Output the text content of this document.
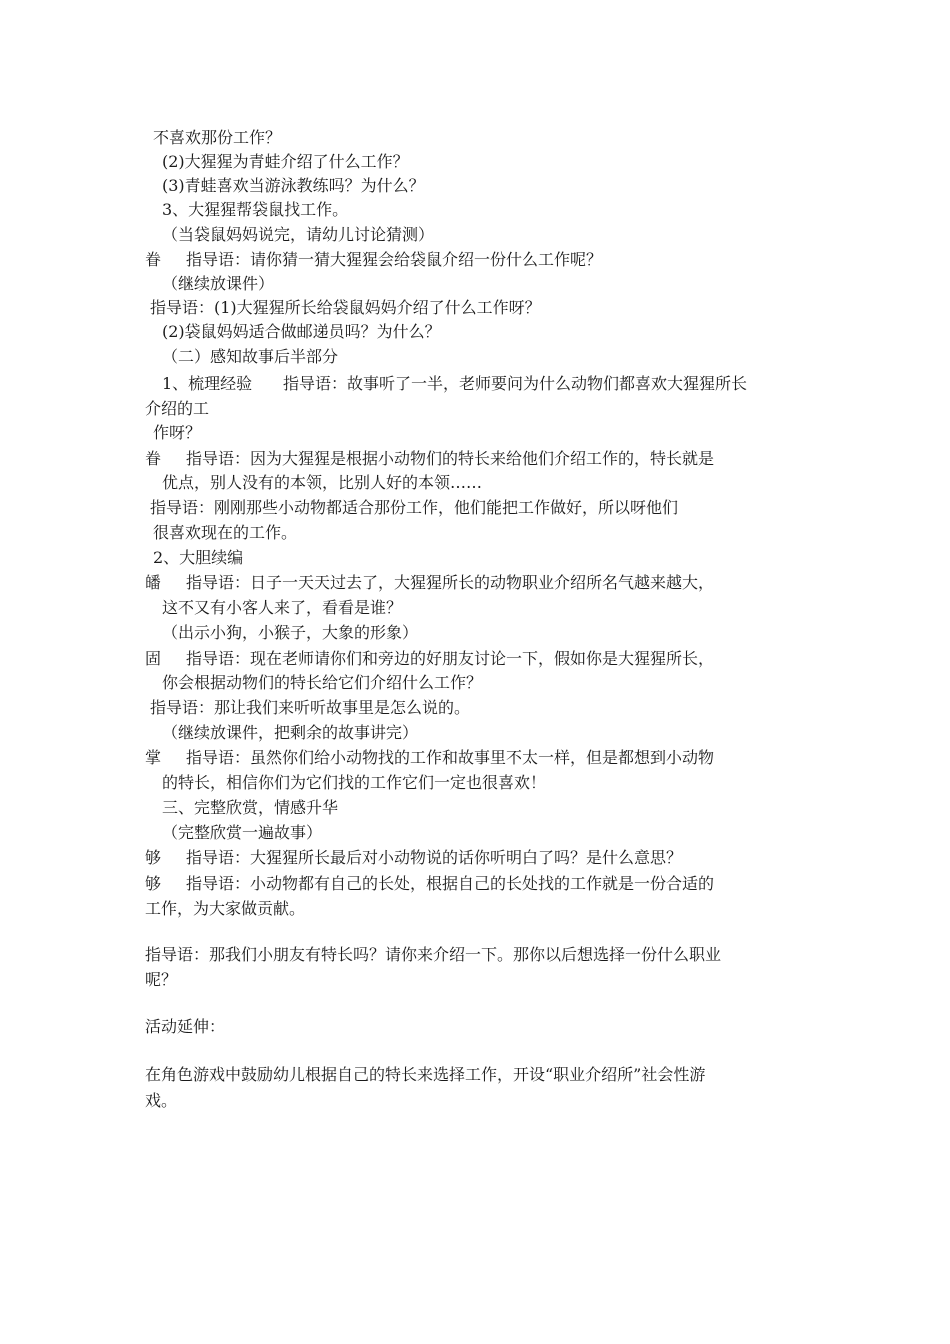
不喜欢那份工作？
(2)大猩猩为青蛙介绍了什么工作？
(3)青蛙喜欢当游泳教练吗？为什么？
3、大猩猩帮袋鼠找工作。
（当袋鼠妈妈说完，请幼儿讨论猜测）
眷 指导语：请你猜一猜大猩猩会给袋鼠介绍一份什么工作呢？
（继续放课件）
指导语：(1)大猩猩所长给袋鼠妈妈介绍了什么工作呀？
(2)袋鼠妈妈适合做邮递员吗？为什么？
（二）感知故事后半部分
1、梳理经验 指导语：故事听了一半，老师要问为什么动物们都喜欢大猩猩所长
介绍的工
作呀？
眷 指导语：因为大猩猩是根据小动物们的特长来给他们介绍工作的，特长就是
优点，别人没有的本领，比别人好的本领……
指导语：刚刚那些小动物都适合那份工作，他们能把工作做好，所以呀他们
很喜欢现在的工作。
2、大胆续编
皤 指导语：日子一天天过去了，大猩猩所长的动物职业介绍所名气越来越大，
这不又有小客人来了，看看是谁？
（出示小狗，小猴子，大象的形象）
固 指导语：现在老师请你们和旁边的好朋友讨论一下，假如你是大猩猩所长，
你会根据动物们的特长给它们介绍什么工作？
指导语：那让我们来听听故事里是怎么说的。
（继续放课件，把剩余的故事讲完）
掌 指导语：虽然你们给小动物找的工作和故事里不太一样，但是都想到小动物
的特长，相信你们为它们找的工作它们一定也很喜欢！
三、完整欣赏，情感升华
（完整欣赏一遍故事）
够 指导语：大猩猩所长最后对小动物说的话你听明白了吗？是什么意思？
够 指导语：小动物都有自己的长处，根据自己的长处找的工作就是一份合适的
工作，为大家做贡献。
指导语：那我们小朋友有特长吗？请你来介绍一下。那你以后想选择一份什么职业
呢？
活动延伸：
在角色游戏中鼓励幼儿根据自己的特长来选择工作，开设“职业介绍所”社会性游
戏。
